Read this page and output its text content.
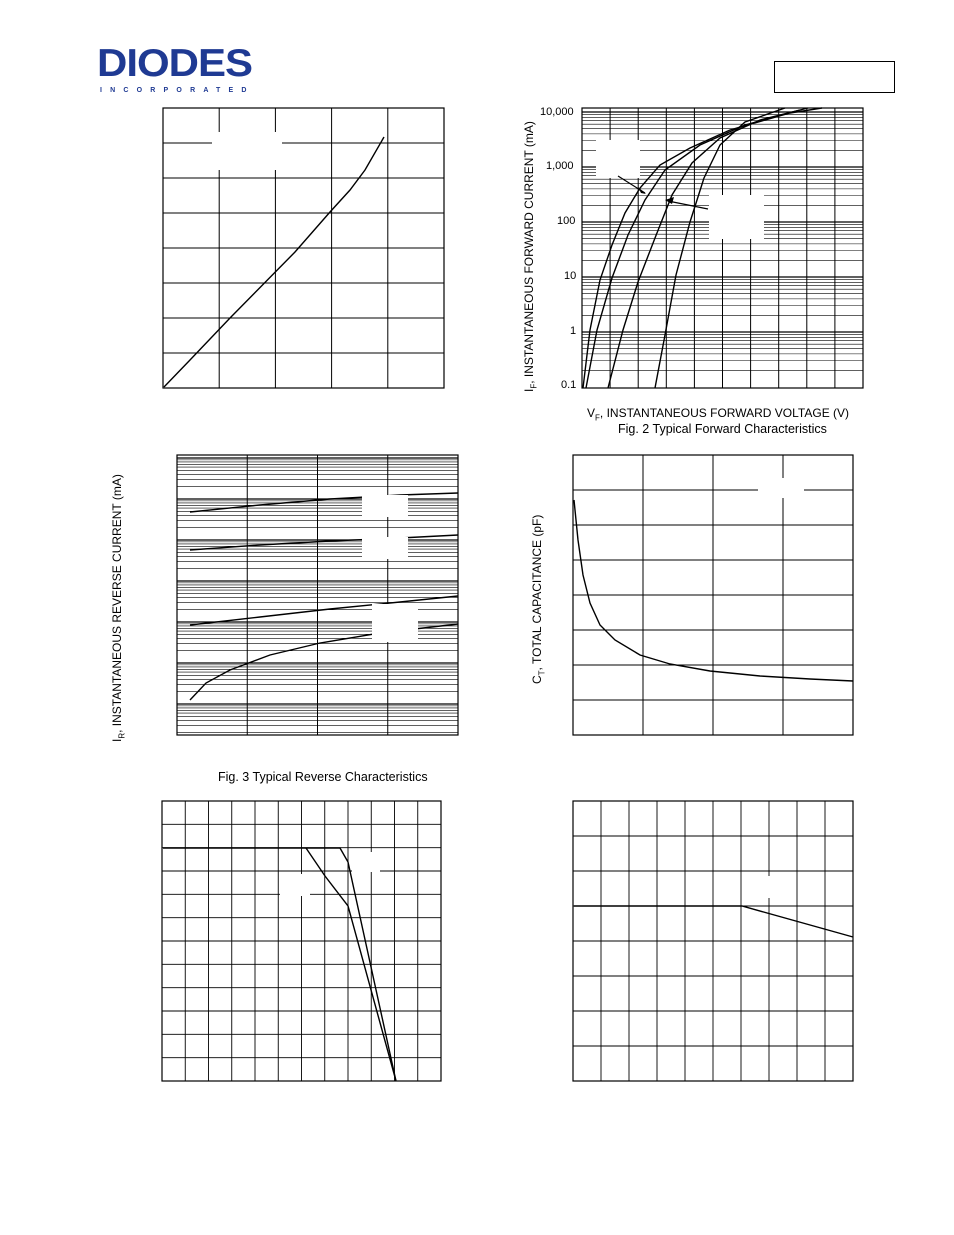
DIODES
INCORPORATED
10,000
1,000
100
10
1
0.1
$I_F$, INSTANTANEOUS FORWARD CURRENT (mA)
$V_F$, INSTANTANEOUS FORWARD VOLTAGE (V)
Fig. 2 Typical Forward Characteristics
$I_R$, INSTANTANEOUS REVERSE CURRENT (mA)
Fig. 3 Typical Reverse Characteristics
$C_T$, TOTAL CAPACITANCE (pF)
